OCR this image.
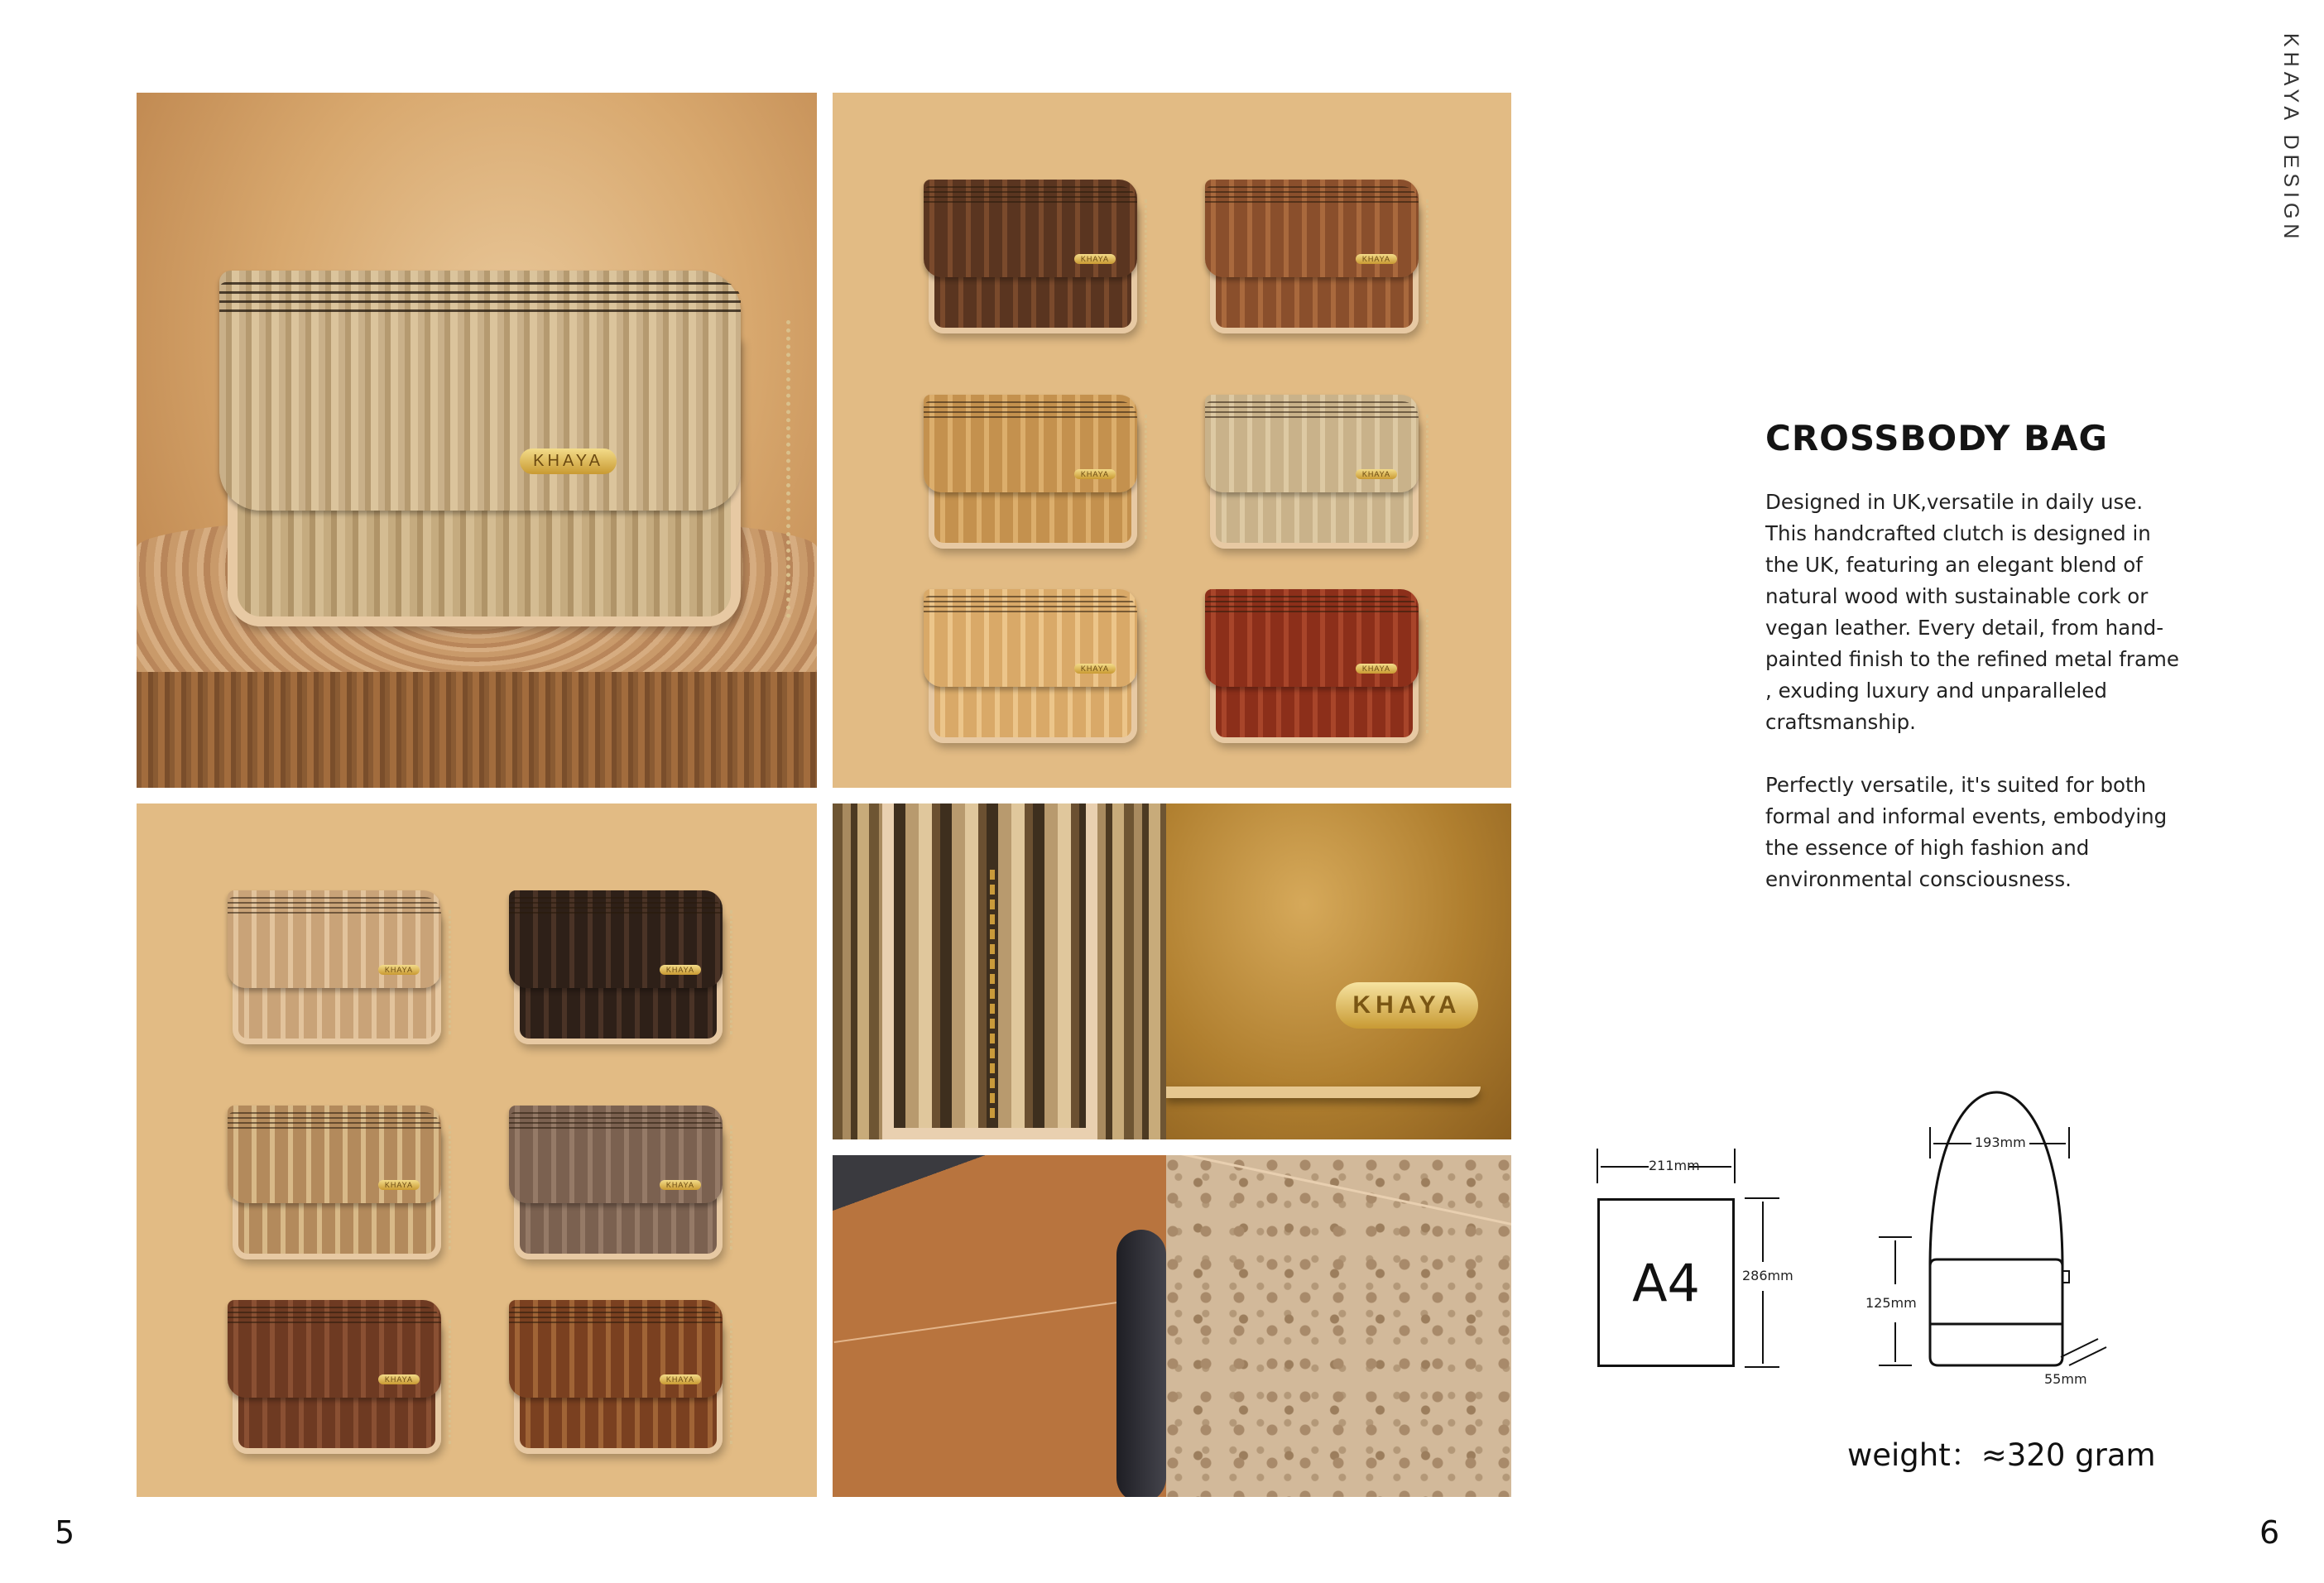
KHAYA
KHAYA	KHAYA
KHAYA	KHAYA
KHAYA	KHAYA
KHAYA	KHAYA
KHAYA	KHAYA
KHAYA	KHAYA
KHAYA
KHAYA DESIGN
CROSSBODY BAG

Designed in UK,versatile in daily use. This handcrafted clutch is designed in the UK, featuring an elegant blend of natural wood with sustainable cork or vegan leather. Every detail, from hand-painted finish to the refined metal frame , exuding luxury and unparalleled craftsmanship.

Perfectly versatile, it's suited for both formal and informal events, embodying the essence of high fashion and environmental consciousness.

A4
211mm
286mm
193mm
125mm
55mm
weight：≈320 gram
5	6
